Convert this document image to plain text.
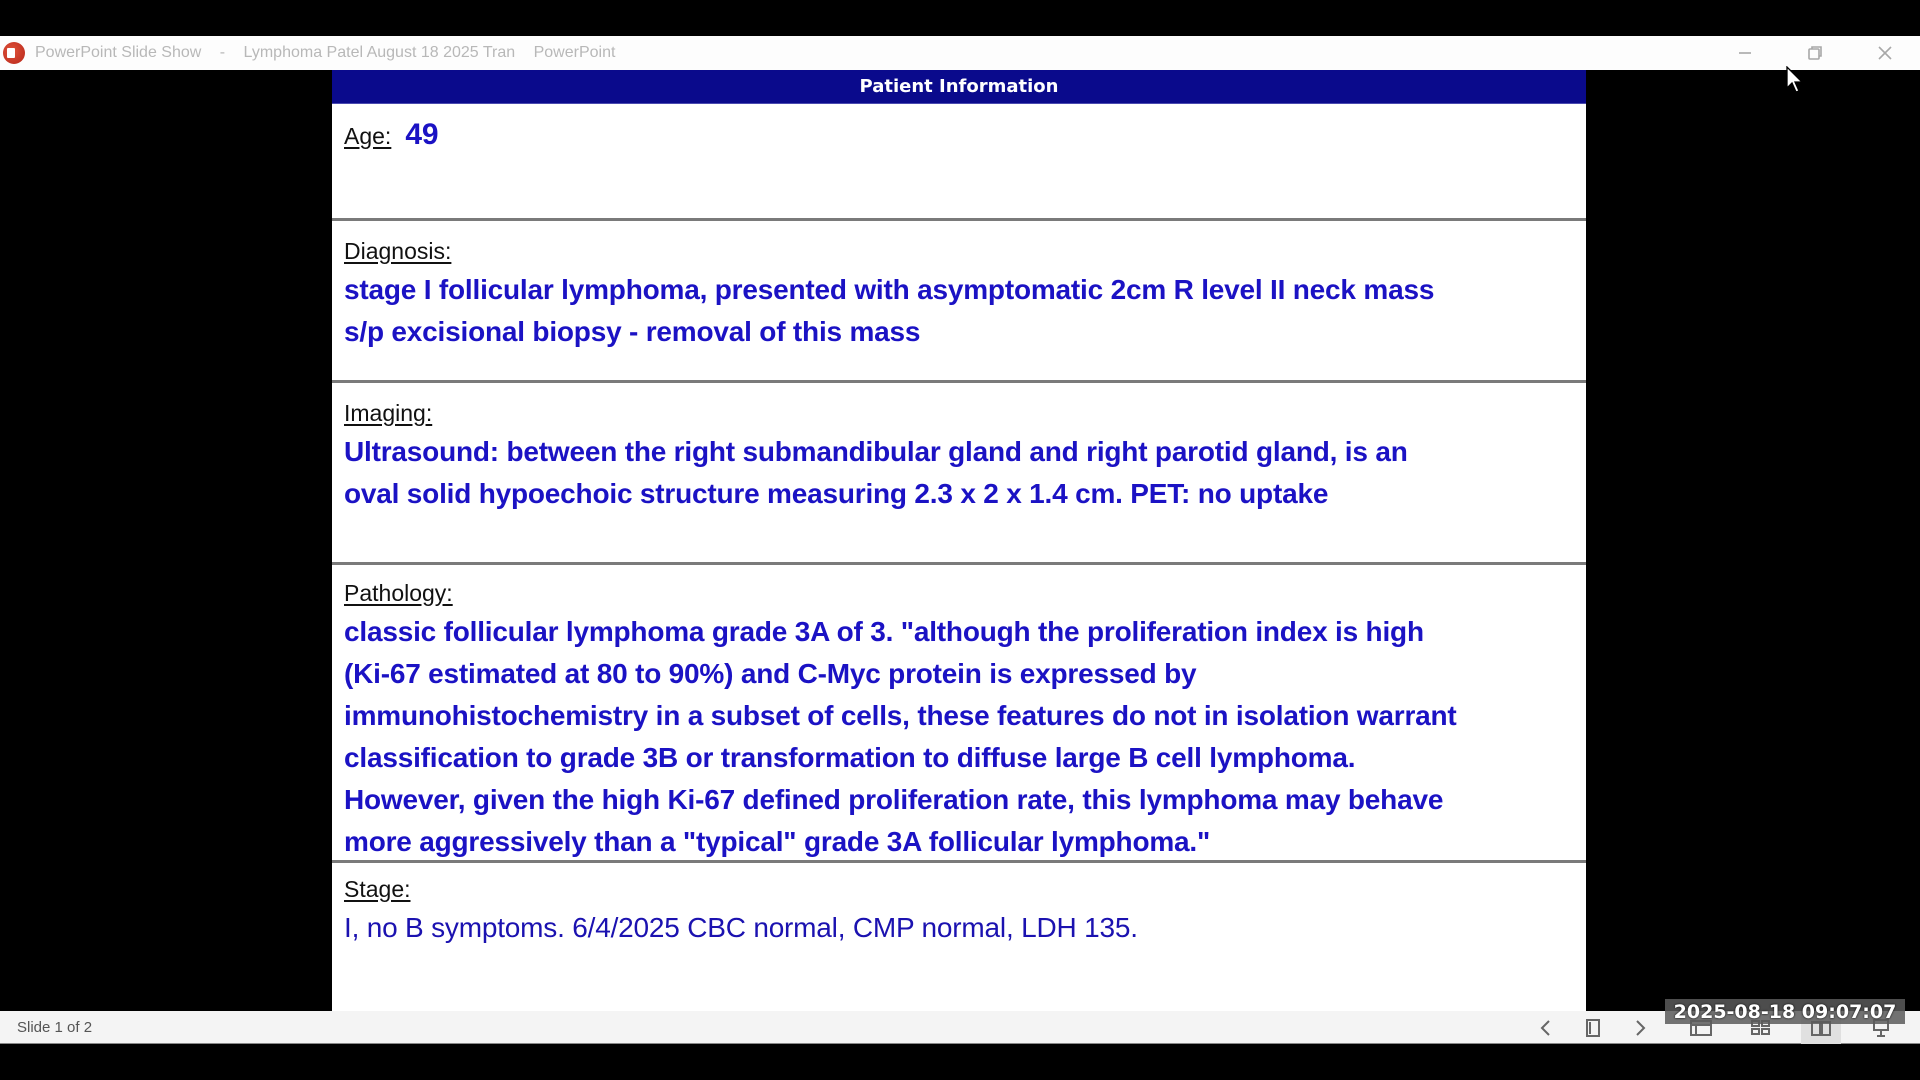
PowerPoint Slide Show - Lymphoma Patel August 18 2025 Tran PowerPoint
Patient Information
Age: 49
Diagnosis:
stage I follicular lymphoma, presented with asymptomatic 2cm R level II neck mass
s/p excisional biopsy - removal of this mass
Imaging:
Ultrasound: between the right submandibular gland and right parotid gland, is an
oval solid hypoechoic structure measuring 2.3 x 2 x 1.4 cm. PET: no uptake
Pathology:
classic follicular lymphoma grade 3A of 3. "although the proliferation index is high
(Ki-67 estimated at 80 to 90%) and C-Myc protein is expressed by
immunohistochemistry in a subset of cells, these features do not in isolation warrant
classification to grade 3B or transformation to diffuse large B cell lymphoma.
However, given the high Ki-67 defined proliferation rate, this lymphoma may behave
more aggressively than a "typical" grade 3A follicular lymphoma."
Stage:
I, no B symptoms. 6/4/2025 CBC normal, CMP normal, LDH 135.
Slide 1 of 2
2025-08-18 09:07:07
